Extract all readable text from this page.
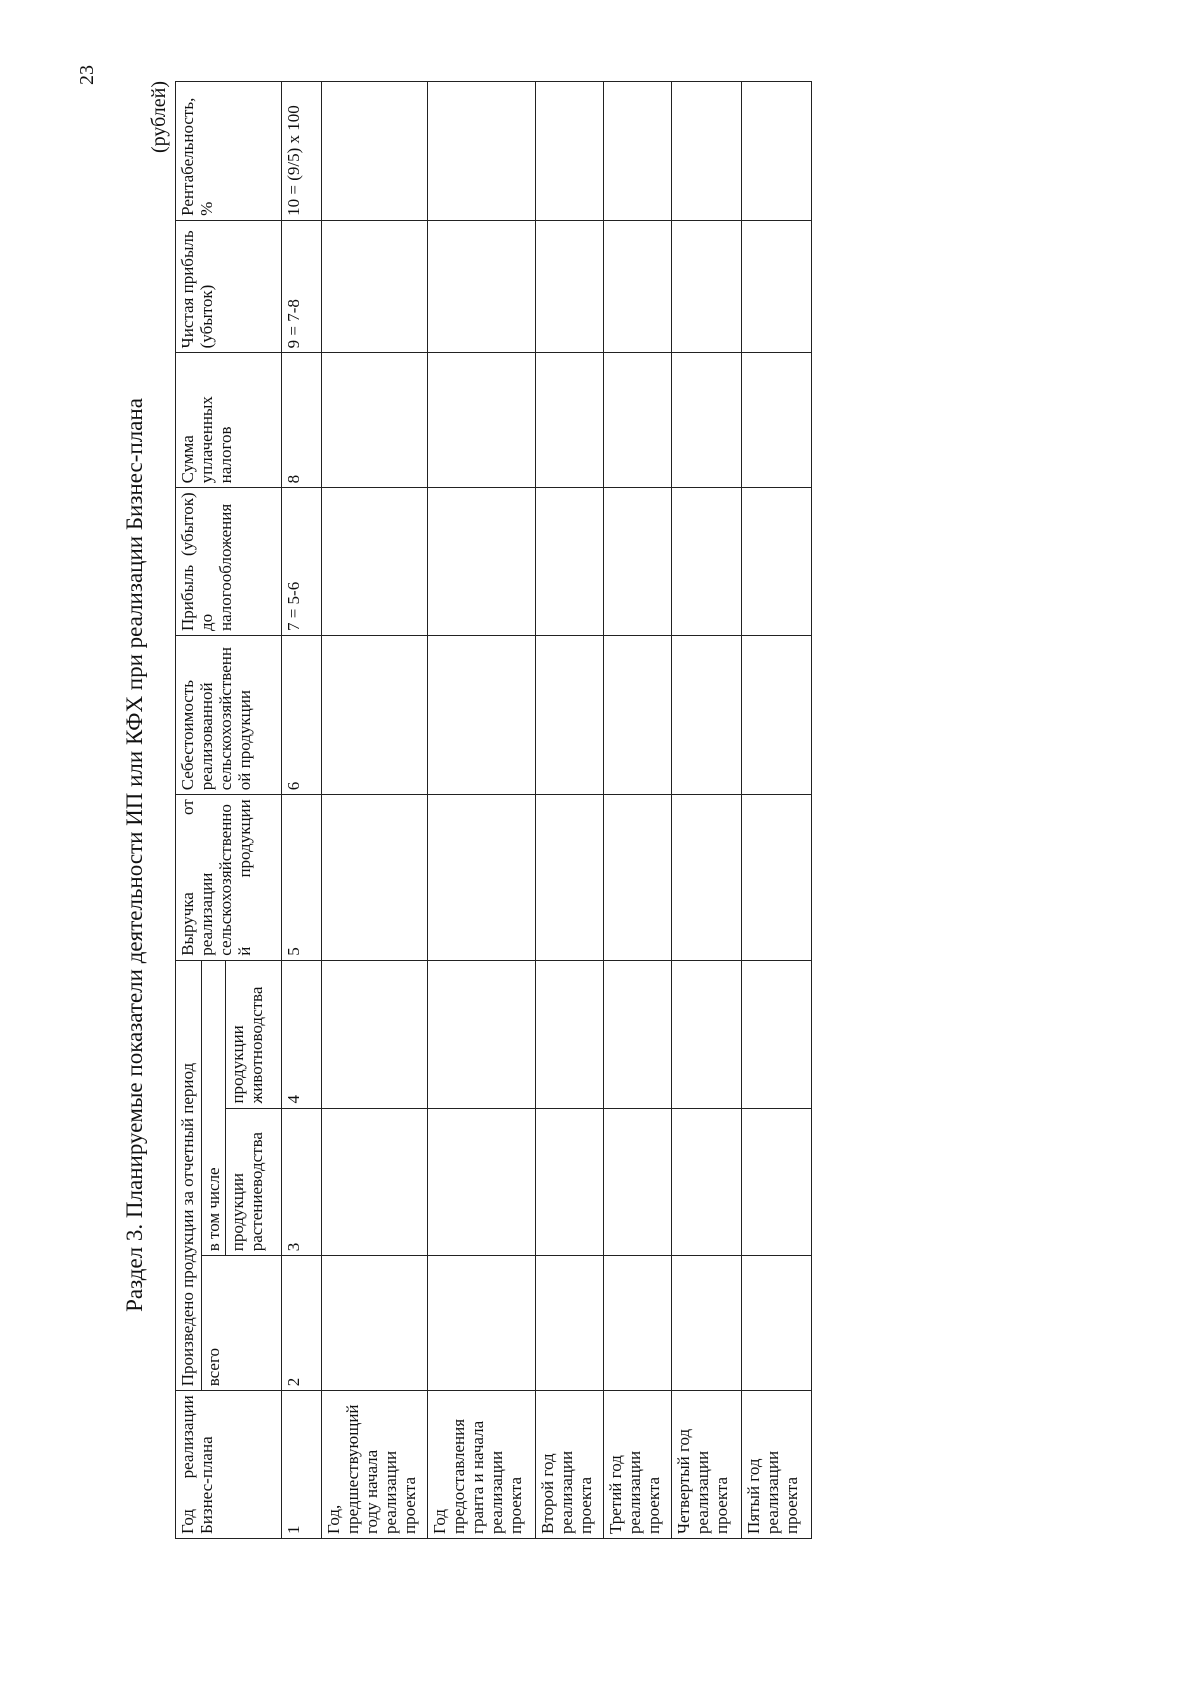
23
Раздел 3. Планируемые показатели деятельности ИП или КФХ при реализации Бизнес-плана
(рублей)
Год реализации Бизнес-плана	Произведено продукции за отчетный период			Выручка от реализации сельскохозяйственной продукции	Себестоимость реализованной сельскохозяйственной продукции	Прибыль (убыток) до налогообложения	Сумма уплаченных налогов	Чистая прибыль (убыток)	Рентабельность, %
	всего	в том числе							
		продукции растениеводства	продукции животноводства						
1	2	3	4	5	6	7 = 5-6	8	9 = 7-8	10 = (9/5) х 100
Год, предшествующий году начала реализации проекта									
Год предоставления гранта и начала реализации проекта									
Второй год реализации проекта									
Третий год реализации проекта									
Четвертый год реализации проекта									
Пятый год реализации проекта									
